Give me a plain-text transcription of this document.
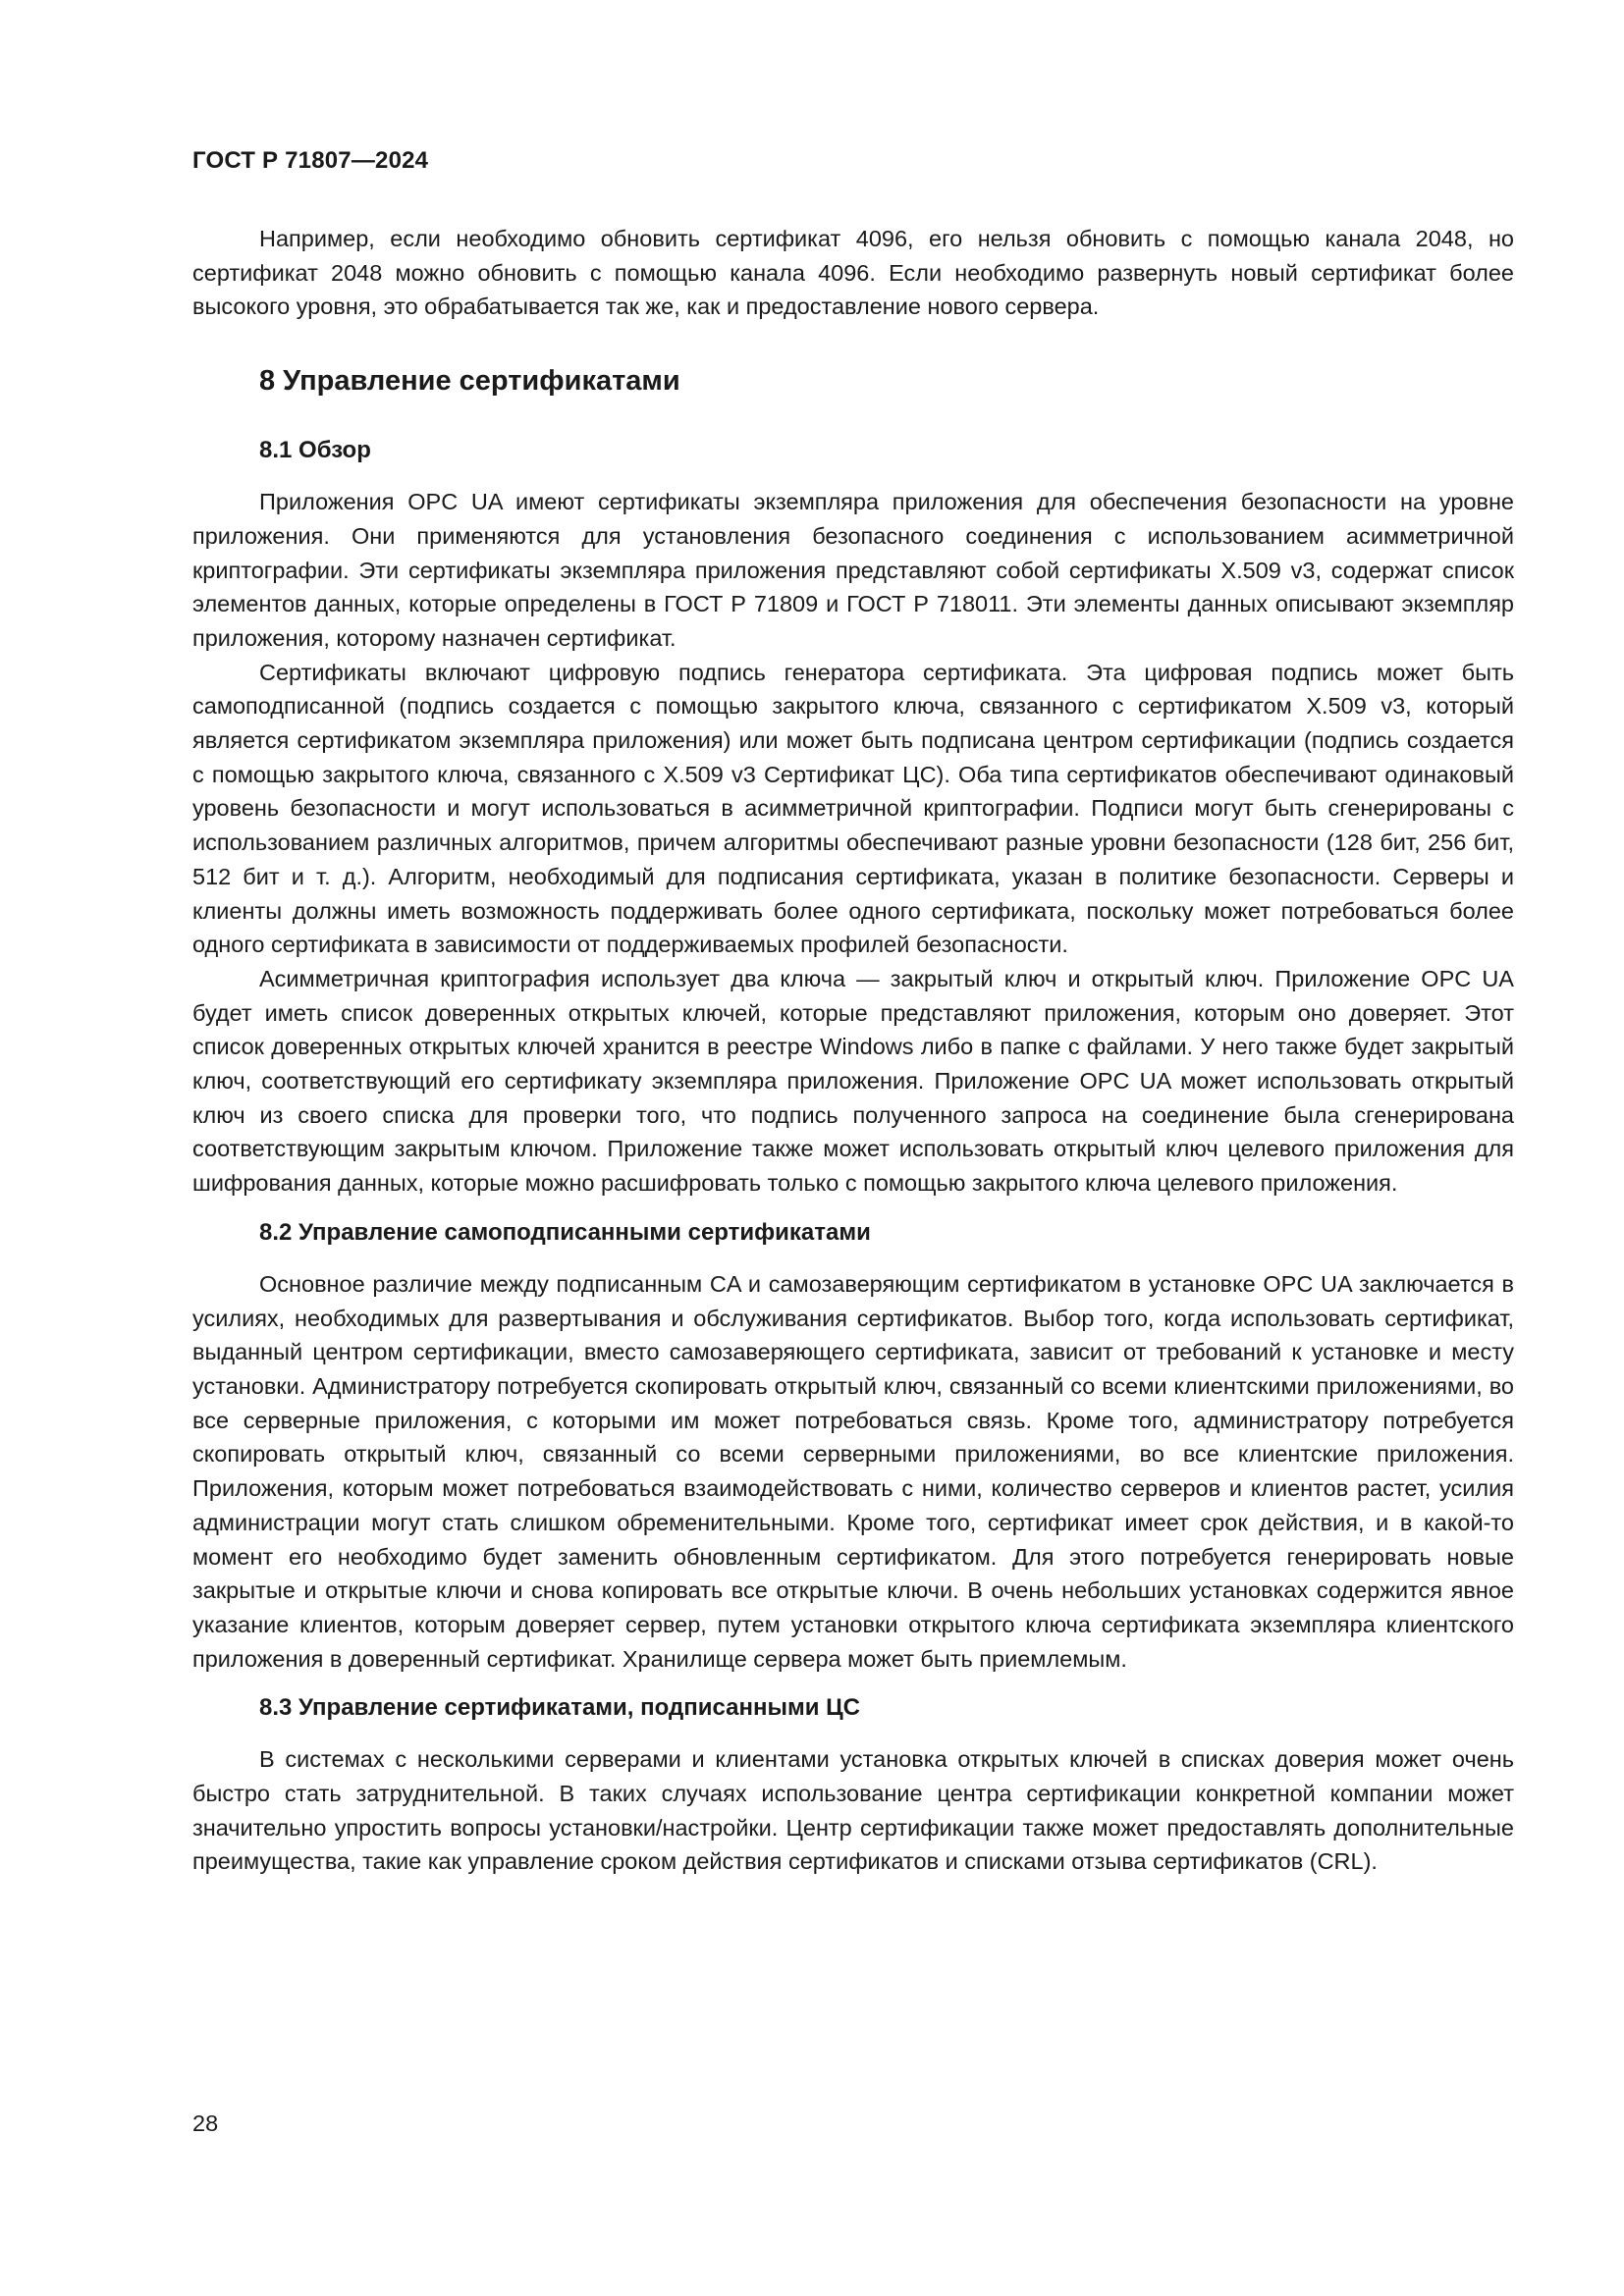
ГОСТ Р 71807—2024

Например, если необходимо обновить сертификат 4096, его нельзя обновить с помощью канала 2048, но сертификат 2048 можно обновить с помощью канала 4096. Если необходимо развернуть новый сертификат более высокого уровня, это обрабатывается так же, как и предоставление нового сервера.

8 Управление сертификатами
8.1 Обзор

Приложения OPC UA имеют сертификаты экземпляра приложения для обеспечения безопасности на уровне приложения. Они применяются для установления безопасного соединения с использованием асимметричной криптографии. Эти сертификаты экземпляра приложения представляют собой сертификаты X.509 v3, содержат список элементов данных, которые определены в ГОСТ Р 71809 и ГОСТ Р 718011. Эти элементы данных описывают экземпляр приложения, которому назначен сертификат.

Сертификаты включают цифровую подпись генератора сертификата. Эта цифровая подпись может быть самоподписанной (подпись создается с помощью закрытого ключа, связанного с сертификатом X.509 v3, который является сертификатом экземпляра приложения) или может быть подписана центром сертификации (подпись создается с помощью закрытого ключа, связанного с X.509 v3 Сертификат ЦС). Оба типа сертификатов обеспечивают одинаковый уровень безопасности и могут использоваться в асимметричной криптографии. Подписи могут быть сгенерированы с использованием различных алгоритмов, причем алгоритмы обеспечивают разные уровни безопасности (128 бит, 256 бит, 512 бит и т. д.). Алгоритм, необходимый для подписания сертификата, указан в политике безопасности. Серверы и клиенты должны иметь возможность поддерживать более одного сертификата, поскольку может потребоваться более одного сертификата в зависимости от поддерживаемых профилей безопасности.

Асимметричная криптография использует два ключа — закрытый ключ и открытый ключ. Приложение OPC UA будет иметь список доверенных открытых ключей, которые представляют приложения, которым оно доверяет. Этот список доверенных открытых ключей хранится в реестре Windows либо в папке с файлами. У него также будет закрытый ключ, соответствующий его сертификату экземпляра приложения. Приложение OPC UA может использовать открытый ключ из своего списка для проверки того, что подпись полученного запроса на соединение была сгенерирована соответствующим закрытым ключом. Приложение также может использовать открытый ключ целевого приложения для шифрования данных, которые можно расшифровать только с помощью закрытого ключа целевого приложения.

8.2 Управление самоподписанными сертификатами

Основное различие между подписанным CA и самозаверяющим сертификатом в установке OPC UA заключается в усилиях, необходимых для развертывания и обслуживания сертификатов. Выбор того, когда использовать сертификат, выданный центром сертификации, вместо самозаверяющего сертификата, зависит от требований к установке и месту установки. Администратору потребуется скопировать открытый ключ, связанный со всеми клиентскими приложениями, во все серверные приложения, с которыми им может потребоваться связь. Кроме того, администратору потребуется скопировать открытый ключ, связанный со всеми серверными приложениями, во все клиентские приложения. Приложения, которым может потребоваться взаимодействовать с ними, количество серверов и клиентов растет, усилия администрации могут стать слишком обременительными. Кроме того, сертификат имеет срок действия, и в какой-то момент его необходимо будет заменить обновленным сертификатом. Для этого потребуется генерировать новые закрытые и открытые ключи и снова копировать все открытые ключи. В очень небольших установках содержится явное указание клиентов, которым доверяет сервер, путем установки открытого ключа сертификата экземпляра клиентского приложения в доверенный сертификат. Хранилище сервера может быть приемлемым.

8.3 Управление сертификатами, подписанными ЦС

В системах с несколькими серверами и клиентами установка открытых ключей в списках доверия может очень быстро стать затруднительной. В таких случаях использование центра сертификации конкретной компании может значительно упростить вопросы установки/настройки. Центр сертификации также может предоставлять дополнительные преимущества, такие как управление сроком действия сертификатов и списками отзыва сертификатов (CRL).

28
